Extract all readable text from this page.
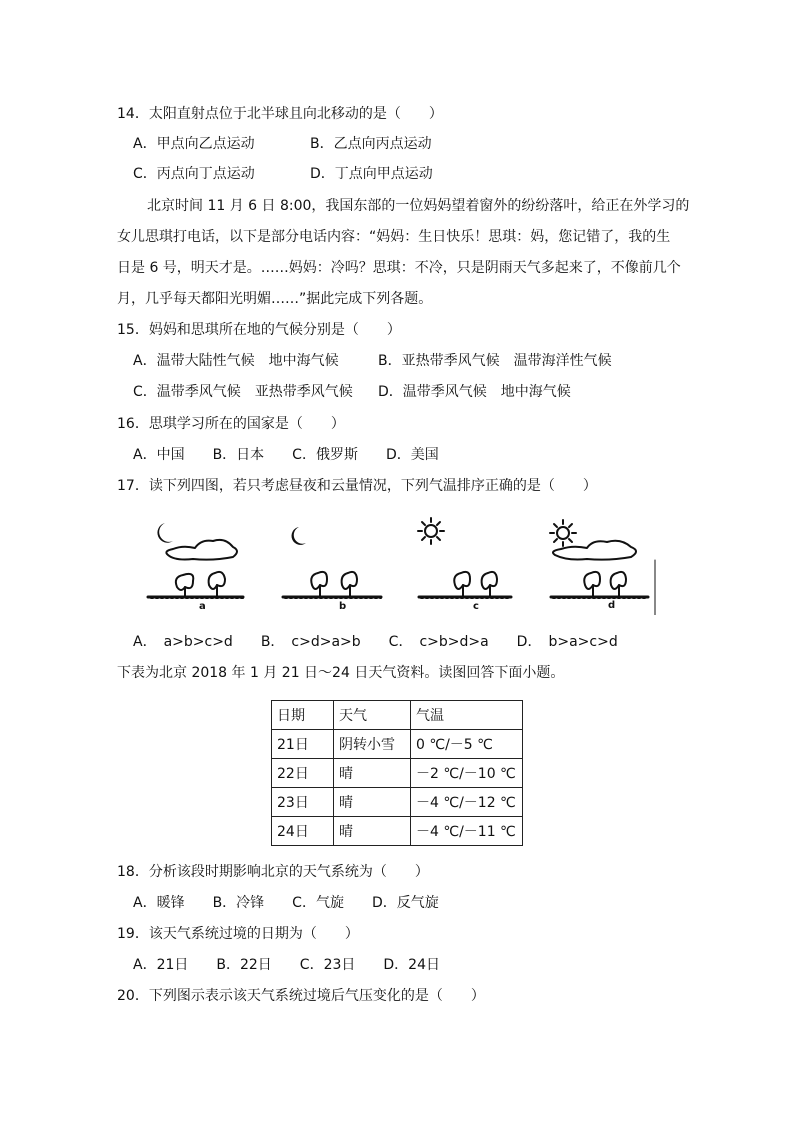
14．太阳直射点位于北半球且向北移动的是（　　）
A．甲点向乙点运动	B．乙点向丙点运动
C．丙点向丁点运动	D．丁点向甲点运动
北京时间 11 月 6 日 8:00，我国东部的一位妈妈望着窗外的纷纷落叶，给正在外学习的
女儿思琪打电话，以下是部分电话内容：“妈妈：生日快乐！思琪：妈，您记错了，我的生
日是 6 号，明天才是。……妈妈：冷吗？思琪：不冷，只是阴雨天气多起来了，不像前几个
月，几乎每天都阳光明媚……”据此完成下列各题。
15．妈妈和思琪所在地的气候分别是（　　）
A．温带大陆性气候　地中海气候	B．亚热带季风气候　温带海洋性气候
C．温带季风气候　亚热带季风气候 D．温带季风气候　地中海气候
16．思琪学习所在的国家是（　　）
A．中国　　B．日本　　C．俄罗斯　　D．美国
17．读下列四图，若只考虑昼夜和云量情况，下列气温排序正确的是（　　）
a	b	c	d
A．　a>b>c>d　　B．　c>d>a>b　　C．　c>b>d>a　　D．　b>a>c>d
下表为北京 2018 年 1 月 21 日～24 日天气资料。读图回答下面小题。
日期	天气	气温
21日	阴转小雪	0 ℃/－5 ℃
22日	晴	－2 ℃/－10 ℃
23日	晴	－4 ℃/－12 ℃
24日	晴	－4 ℃/－11 ℃
18．分析该段时期影响北京的天气系统为（　　）
A．暖锋　　B．冷锋　　C．气旋　　D．反气旋
19．该天气系统过境的日期为（　　）
A．21日　　B．22日　　C．23日　　D．24日
20．下列图示表示该天气系统过境后气压变化的是（　　）
